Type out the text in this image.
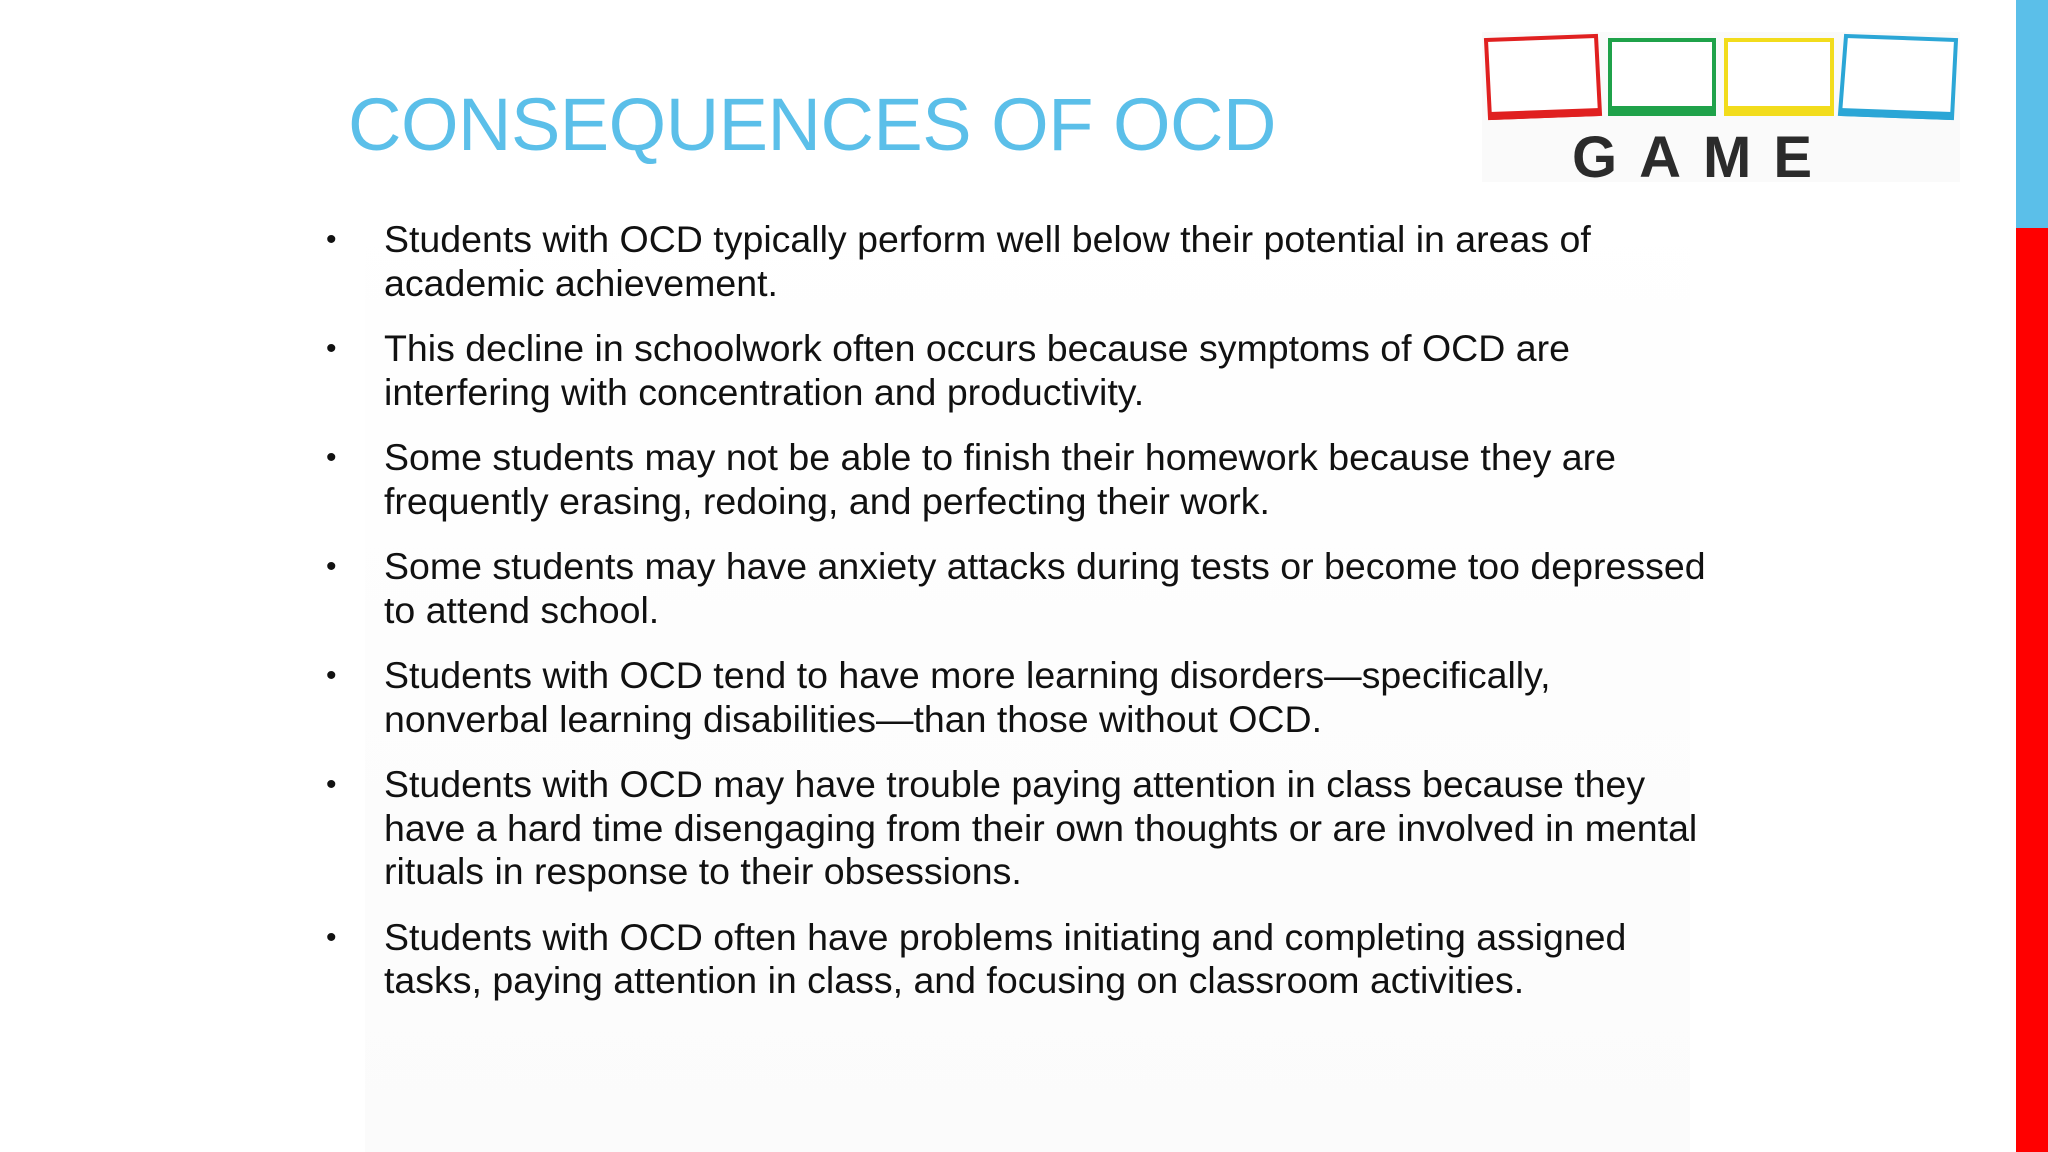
CONSEQUENCES OF OCD	GAME
• Students with OCD typically perform well below their potential in areas of academic achievement.
• This decline in schoolwork often occurs because symptoms of OCD are interfering with concentration and productivity.
• Some students may not be able to finish their homework because they are frequently erasing, redoing, and perfecting their work.
• Some students may have anxiety attacks during tests or become too depressed to attend school.
• Students with OCD tend to have more learning disorders—specifically, nonverbal learning disabilities—than those without OCD.
• Students with OCD may have trouble paying attention in class because they have a hard time disengaging from their own thoughts or are involved in mental rituals in response to their obsessions.
• Students with OCD often have problems initiating and completing assigned tasks, paying attention in class, and focusing on classroom activities.
